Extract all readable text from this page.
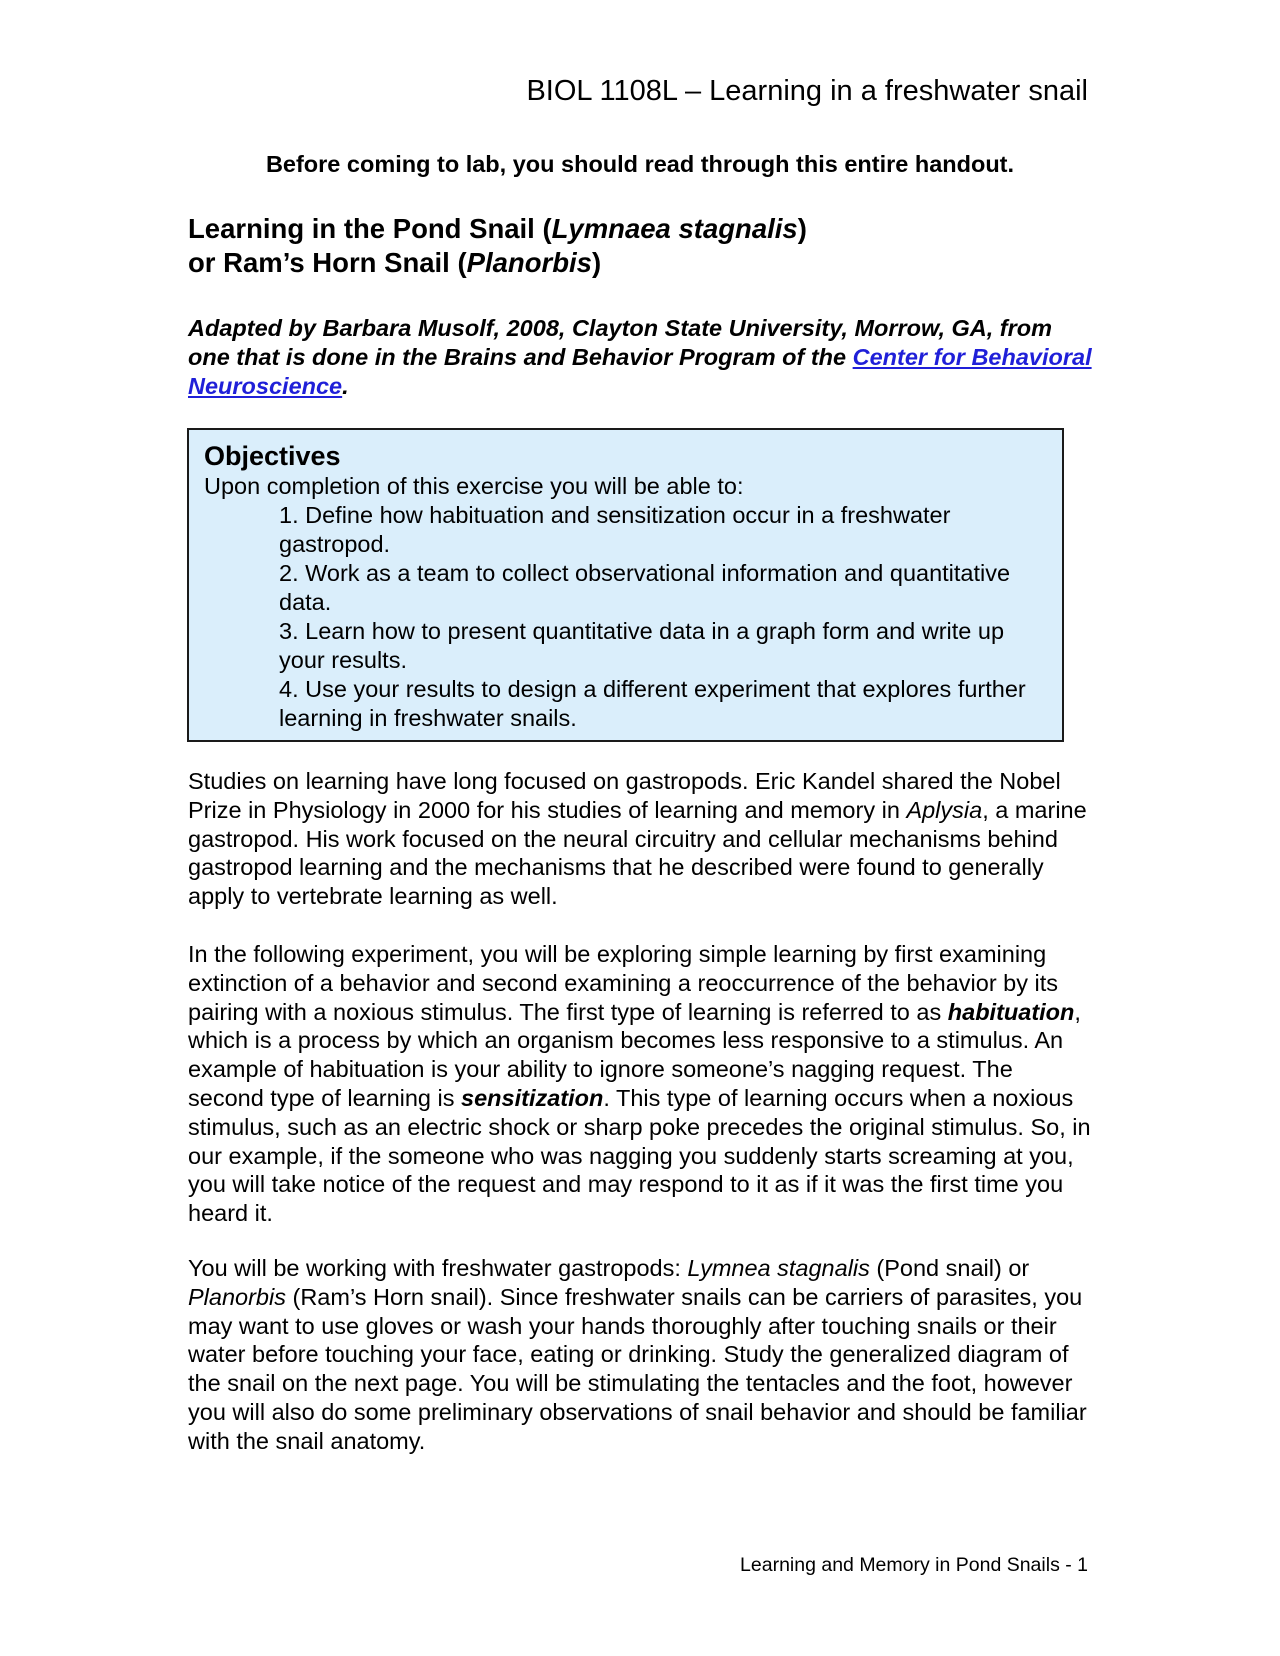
BIOL 1108L – Learning in a freshwater snail
Before coming to lab, you should read through this entire handout.
Learning in the Pond Snail (Lymnaea stagnalis)
or Ram’s Horn Snail (Planorbis)
Adapted by Barbara Musolf, 2008, Clayton State University, Morrow, GA, from one that is done in the Brains and Behavior Program of the Center for Behavioral Neuroscience.
Objectives
Upon completion of this exercise you will be able to:
1. Define how habituation and sensitization occur in a freshwater gastropod.
2. Work as a team to collect observational information and quantitative data.
3. Learn how to present quantitative data in a graph form and write up your results.
4. Use your results to design a different experiment that explores further learning in freshwater snails.
Studies on learning have long focused on gastropods. Eric Kandel shared the Nobel Prize in Physiology in 2000 for his studies of learning and memory in Aplysia, a marine gastropod. His work focused on the neural circuitry and cellular mechanisms behind gastropod learning and the mechanisms that he described were found to generally apply to vertebrate learning as well.
In the following experiment, you will be exploring simple learning by first examining extinction of a behavior and second examining a reoccurrence of the behavior by its pairing with a noxious stimulus. The first type of learning is referred to as habituation, which is a process by which an organism becomes less responsive to a stimulus. An example of habituation is your ability to ignore someone’s nagging request. The second type of learning is sensitization. This type of learning occurs when a noxious stimulus, such as an electric shock or sharp poke precedes the original stimulus. So, in our example, if the someone who was nagging you suddenly starts screaming at you, you will take notice of the request and may respond to it as if it was the first time you heard it.
You will be working with freshwater gastropods: Lymnea stagnalis (Pond snail) or Planorbis (Ram’s Horn snail). Since freshwater snails can be carriers of parasites, you may want to use gloves or wash your hands thoroughly after touching snails or their water before touching your face, eating or drinking. Study the generalized diagram of the snail on the next page. You will be stimulating the tentacles and the foot, however you will also do some preliminary observations of snail behavior and should be familiar with the snail anatomy.
Learning and Memory in Pond Snails - 1
